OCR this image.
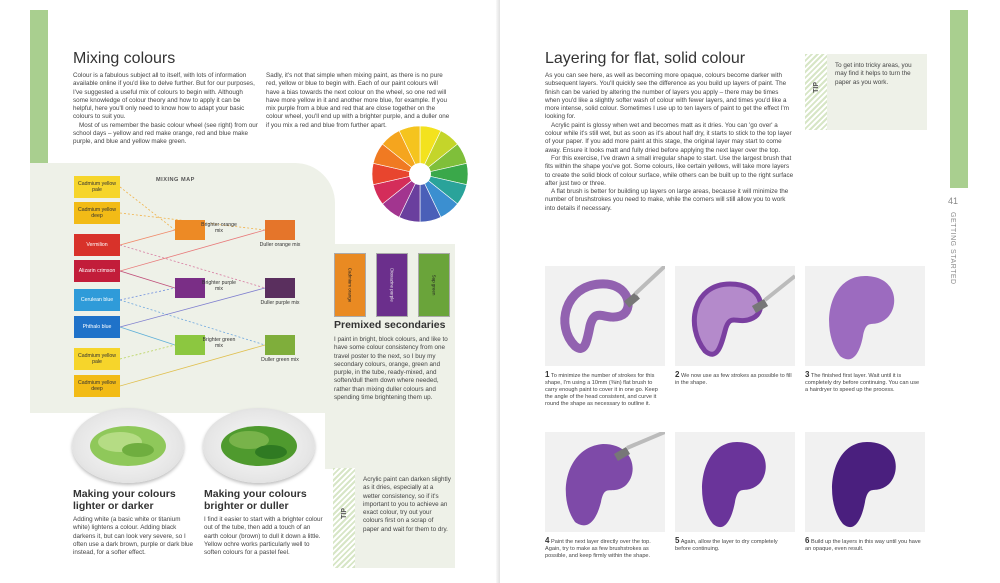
Mixing colours

Colour is a fabulous subject all to itself, with lots of information available online if you'd like to delve further. But for our purposes, I've suggested a useful mix of colours to begin with. Although some knowledge of colour theory and how to apply it can be helpful, here you'll only need to know how to adapt your basic colours to suit you.

Most of us remember the basic colour wheel (see right) from our school days – yellow and red make orange, red and blue make purple, and blue and yellow make green.

Sadly, it's not that simple when mixing paint, as there is no pure red, yellow or blue to begin with. Each of our paint colours will have a bias towards the next colour on the wheel, so one red will have more yellow in it and another more blue, for example. If you mix purple from a blue and red that are close together on the colour wheel, you'll end up with a brighter purple, and a duller one if you mix a red and blue from further apart.

MIXING MAP
Cadmium yellow pale
Cadmium yellow deep
Vermilion
Alizarin crimson
Cerulean blue
Phthalo blue
Cadmium yellow pale
Cadmium yellow deep
Brighter orange mix
Duller orange mix
Brighter purple mix
Duller purple mix
Brighter green mix
Duller green mix
Cadmium orange	Dioxazine purple	Sap green
Premixed secondaries

I paint in bright, block colours, and like to have some colour consistency from one travel poster to the next, so I buy my secondary colours, orange, green and purple, in the tube, ready-mixed, and soften/dull them down where needed, rather than mixing duller colours and spending time brightening them up.

Making your colours lighter or darker

Adding white (a basic white or titanium white) lightens a colour. Adding black darkens it, but can look very severe, so I often use a dark brown, purple or dark blue instead, for a softer effect.

Making your colours brighter or duller

I find it easier to start with a brighter colour out of the tube, then add a touch of an earth colour (brown) to dull it down a little. Yellow ochre works particularly well to soften colours for a pastel feel.

TIP

Acrylic paint can darken slightly as it dries, especially at a wetter consistency, so if it's important to you to achieve an exact colour, try out your colours first on a scrap of paper and wait for them to dry.

41
GETTING STARTED
Layering for flat, solid colour

As you can see here, as well as becoming more opaque, colours become darker with subsequent layers. You'll quickly see the difference as you build up layers of paint. The finish can be varied by altering the number of layers you apply – there may be times when you'd like a slightly softer wash of colour with fewer layers, and times you'd like a more intense, solid colour. Sometimes I use up to ten layers of paint to get the effect I'm looking for.

Acrylic paint is glossy when wet and becomes matt as it dries. You can 'go over' a colour while it's still wet, but as soon as it's about half dry, it starts to stick to the top layer of your paper. If you add more paint at this stage, the original layer may start to come away. Ensure it looks matt and fully dried before applying the next layer over the top.

For this exercise, I've drawn a small irregular shape to start. Use the largest brush that fits within the shape you've got. Some colours, like certain yellows, will take more layers to create the solid block of colour surface, while others can be built up to the right surface after just two or three.

A flat brush is better for building up layers on large areas, because it will minimize the number of brushstrokes you need to make, while the corners will still allow you to work into details if necessary.

TIP

To get into tricky areas, you may find it helps to turn the paper as you work.

1 To minimize the number of strokes for this shape, I'm using a 10mm (⅜in) flat brush to carry enough paint to cover it in one go. Keep the angle of the head consistent, and curve it round the shape as necessary to outline it.
2 We now use as few strokes as possible to fill in the shape.
3 The finished first layer. Wait until it is completely dry before continuing. You can use a hairdryer to speed up the process.
4 Paint the next layer directly over the top. Again, try to make as few brushstrokes as possible, and keep firmly within the shape.
5 Again, allow the layer to dry completely before continuing.
6 Build up the layers in this way until you have an opaque, even result.
